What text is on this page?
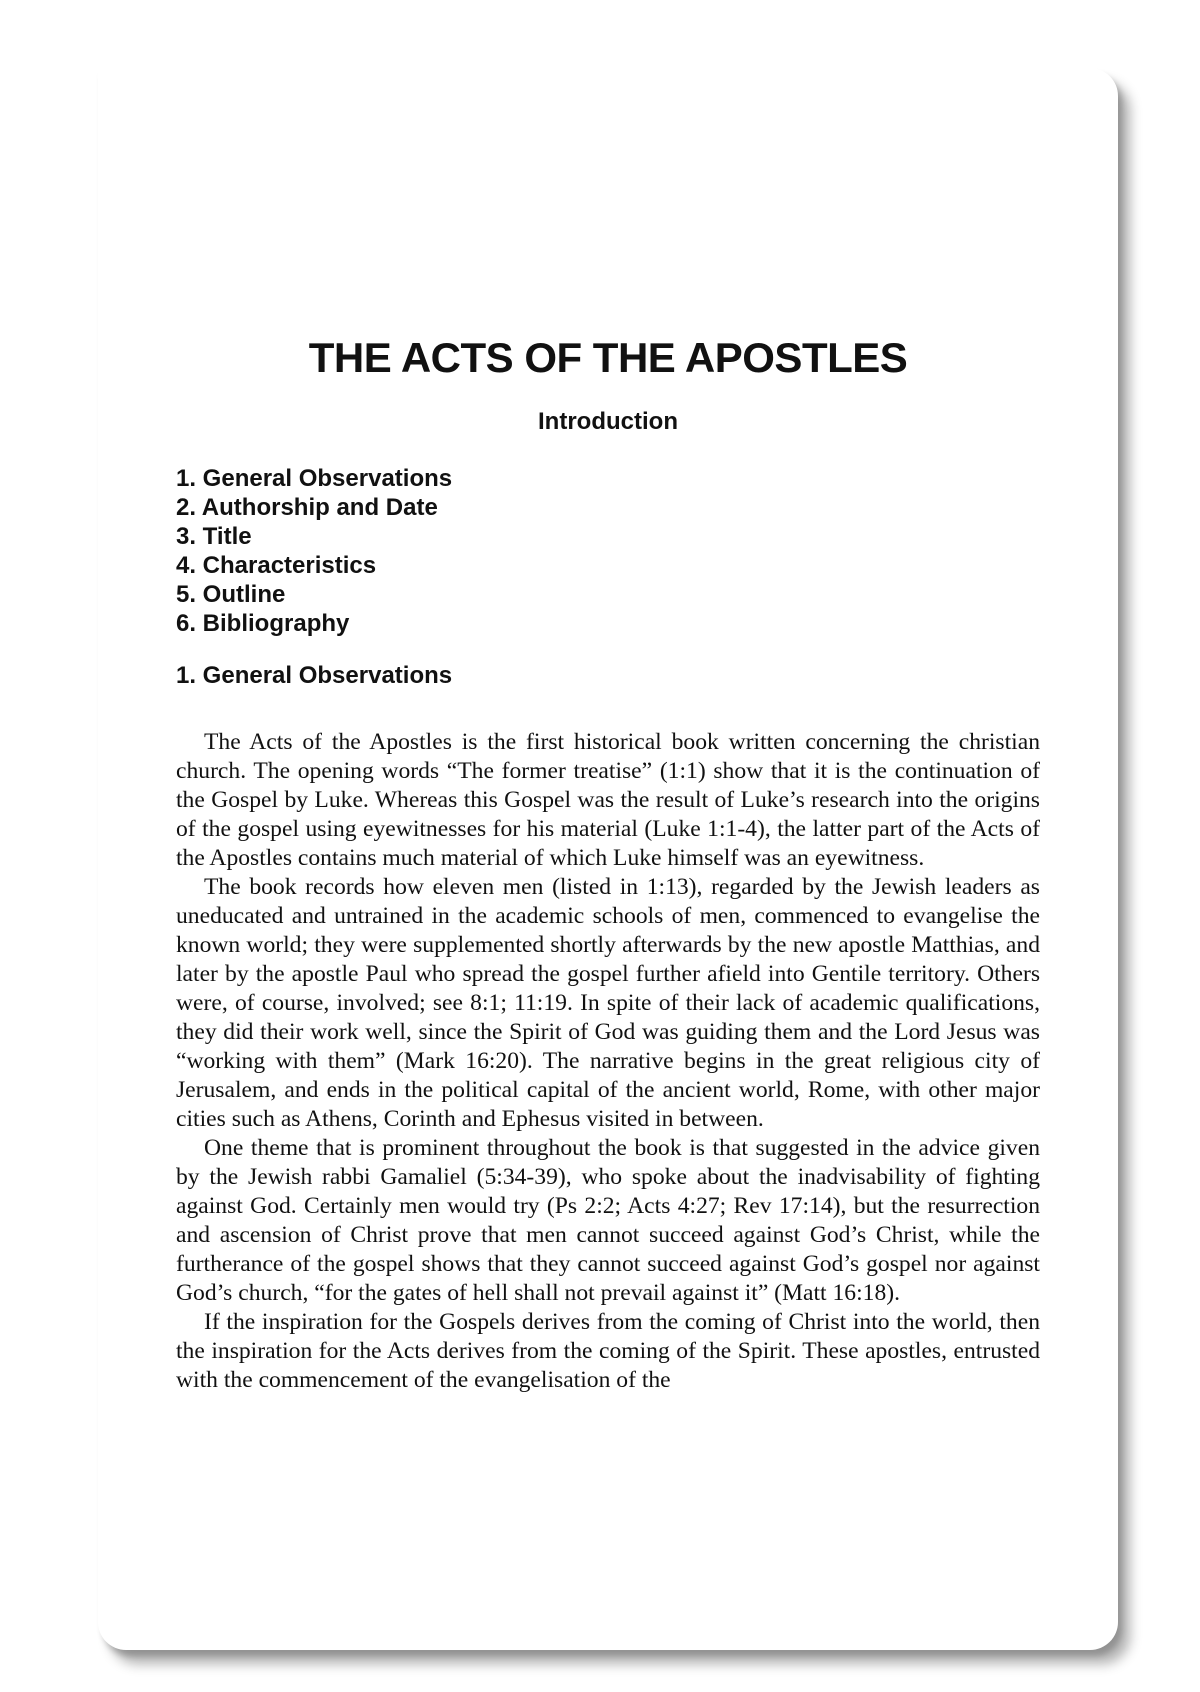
THE ACTS OF THE APOSTLES
Introduction
1. General Observations
2. Authorship and Date
3. Title
4. Characteristics
5. Outline
6. Bibliography
1. General Observations

The Acts of the Apostles is the first historical book written concerning the christian church. The opening words “The former treatise” (1:1) show that it is the continuation of the Gospel by Luke. Whereas this Gospel was the result of Luke’s research into the origins of the gospel using eyewitnesses for his material (Luke 1:1-4), the latter part of the Acts of the Apostles contains much material of which Luke himself was an eyewitness.

The book records how eleven men (listed in 1:13), regarded by the Jewish leaders as uneducated and untrained in the academic schools of men, commenced to evangelise the known world; they were supplemented shortly afterwards by the new apostle Matthias, and later by the apostle Paul who spread the gospel further afield into Gentile territory. Others were, of course, involved; see 8:1; 11:19. In spite of their lack of academic qualifications, they did their work well, since the Spirit of God was guiding them and the Lord Jesus was “working with them” (Mark 16:20). The narrative begins in the great religious city of Jerusalem, and ends in the political capital of the ancient world, Rome, with other major cities such as Athens, Corinth and Ephesus visited in between.

One theme that is prominent throughout the book is that suggested in the advice given by the Jewish rabbi Gamaliel (5:34-39), who spoke about the inadvisability of fighting against God. Certainly men would try (Ps 2:2; Acts 4:27; Rev 17:14), but the resurrection and ascension of Christ prove that men cannot succeed against God’s Christ, while the furtherance of the gospel shows that they cannot succeed against God’s gospel nor against God’s church, “for the gates of hell shall not prevail against it” (Matt 16:18).

If the inspiration for the Gospels derives from the coming of Christ into the world, then the inspiration for the Acts derives from the coming of the Spirit. These apostles, entrusted with the commencement of the evangelisation of the
